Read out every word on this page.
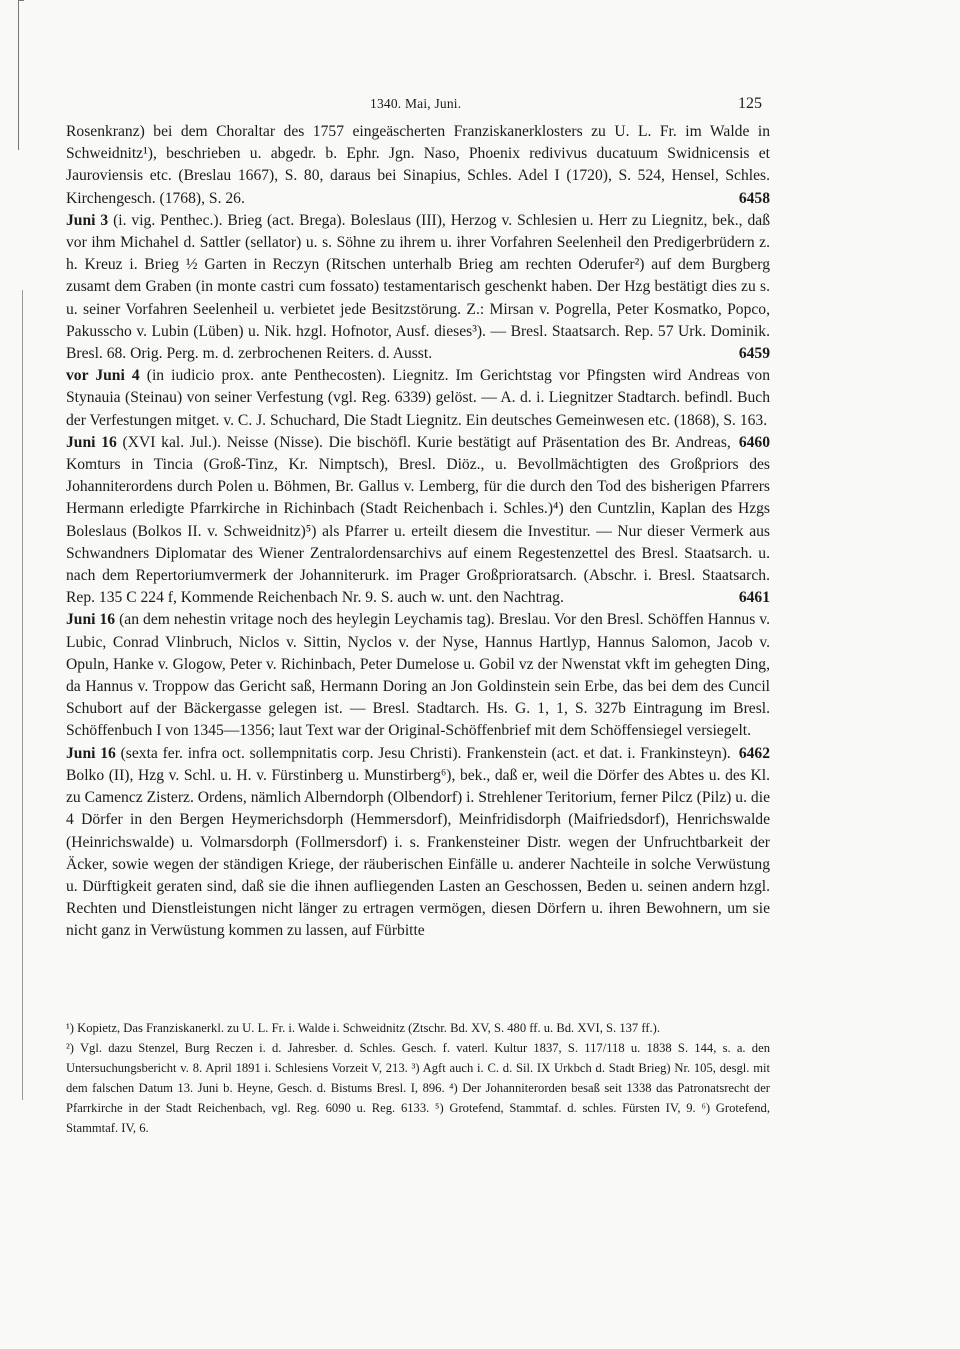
1340. Mai, Juni.	125

Rosenkranz) bei dem Choraltar des 1757 eingeäscherten Franziskanerklosters zu U. L. Fr. im Walde in Schweidnitz¹), beschrieben u. abgedr. b. Ephr. Jgn. Naso, Phoenix redivivus ducatuum Swidnicensis et Jauroviensis etc. (Breslau 1667), S. 80, daraus bei Sinapius, Schles. Adel I (1720), S. 524, Hensel, Schles. Kirchengesch. (1768), S. 26.	6458

Juni 3 (i. vig. Penthec.). Brieg (act. Brega). Boleslaus (III), Herzog v. Schlesien u. Herr zu Liegnitz, bek., daß vor ihm Michahel d. Sattler (sellator) u. s. Söhne zu ihrem u. ihrer Vorfahren Seelenheil den Predigerbrüdern z. h. Kreuz i. Brieg ½ Garten in Reczyn (Ritschen unterhalb Brieg am rechten Oderufer²) auf dem Burgberg zusamt dem Graben (in monte castri cum fossato) testamentarisch geschenkt haben. Der Hzg bestätigt dies zu s. u. seiner Vorfahren Seelenheil u. verbietet jede Besitzstörung. Z.: Mirsan v. Pogrella, Peter Kosmatko, Popco, Pakusscho v. Lubin (Lüben) u. Nik. hzgl. Hofnotor, Ausf. dieses³). — Bresl. Staatsarch. Rep. 57 Urk. Dominik. Bresl. 68. Orig. Perg. m. d. zerbrochenen Reiters. d. Ausst.	6459

vor Juni 4 (in iudicio prox. ante Penthecosten). Liegnitz. Im Gerichtstag vor Pfingsten wird Andreas von Stynauia (Steinau) von seiner Verfestung (vgl. Reg. 6339) gelöst. — A. d. i. Liegnitzer Stadtarch. befindl. Buch der Verfestungen mitget. v. C. J. Schuchard, Die Stadt Liegnitz. Ein deutsches Gemeinwesen etc. (1868), S. 163.
6460

Juni 16 (XVI kal. Jul.). Neisse (Nisse). Die bischöfl. Kurie bestätigt auf Präsentation des Br. Andreas, Komturs in Tincia (Groß-Tinz, Kr. Nimptsch), Bresl. Diöz., u. Bevollmächtigten des Großpriors des Johanniterordens durch Polen u. Böhmen, Br. Gallus v. Lemberg, für die durch den Tod des bisherigen Pfarrers Hermann erledigte Pfarrkirche in Richinbach (Stadt Reichenbach i. Schles.)⁴) den Cuntzlin, Kaplan des Hzgs Boleslaus (Bolkos II. v. Schweidnitz)⁵) als Pfarrer u. erteilt diesem die Investitur. — Nur dieser Vermerk aus Schwandners Diplomatar des Wiener Zentralordensarchivs auf einem Regestenzettel des Bresl. Staatsarch. u. nach dem Repertoriumvermerk der Johanniterurk. im Prager Großprioratsarch. (Abschr. i. Bresl. Staatsarch. Rep. 135 C 224 f, Kommende Reichenbach Nr. 9. S. auch w. unt. den Nachtrag.	6461

Juni 16 (an dem nehestin vritage noch des heylegin Leychamis tag). Breslau. Vor den Bresl. Schöffen Hannus v. Lubic, Conrad Vlinbruch, Niclos v. Sittin, Nyclos v. der Nyse, Hannus Hartlyp, Hannus Salomon, Jacob v. Opuln, Hanke v. Glogow, Peter v. Richinbach, Peter Dumelose u. Gobil vz der Nwenstat vkft im gehegten Ding, da Hannus v. Troppow das Gericht saß, Hermann Doring an Jon Goldinstein sein Erbe, das bei dem des Cuncil Schubort auf der Bäckergasse gelegen ist. — Bresl. Stadtarch. Hs. G. 1, 1, S. 327b Eintragung im Bresl. Schöffenbuch I von 1345—1356; laut Text war der Original-Schöffenbrief mit dem Schöffensiegel versiegelt.
6462

Juni 16 (sexta fer. infra oct. sollempnitatis corp. Jesu Christi). Frankenstein (act. et dat. i. Frankinsteyn). Bolko (II), Hzg v. Schl. u. H. v. Fürstinberg u. Munstirberg⁶), bek., daß er, weil die Dörfer des Abtes u. des Kl. zu Camencz Zisterz. Ordens, nämlich Alberndorph (Olbendorf) i. Strehlener Teritorium, ferner Pilcz (Pilz) u. die 4 Dörfer in den Bergen Heymerichsdorph (Hemmersdorf), Meinfridisdorph (Maifriedsdorf), Henrichswalde (Heinrichswalde) u. Volmarsdorph (Follmersdorf) i. s. Frankensteiner Distr. wegen der Unfruchtbarkeit der Äcker, sowie wegen der ständigen Kriege, der räuberischen Einfälle u. anderer Nachteile in solche Verwüstung u. Dürftigkeit geraten sind, daß sie die ihnen aufliegenden Lasten an Geschossen, Beden u. seinen andern hzgl. Rechten und Dienstleistungen nicht länger zu ertragen vermögen, diesen Dörfern u. ihren Bewohnern, um sie nicht ganz in Verwüstung kommen zu lassen, auf Fürbitte

¹) Kopietz, Das Franziskanerkl. zu U. L. Fr. i. Walde i. Schweidnitz (Ztschr. Bd. XV, S. 480 ff. u. Bd. XVI, S. 137 ff.).

²) Vgl. dazu Stenzel, Burg Reczen i. d. Jahresber. d. Schles. Gesch. f. vaterl. Kultur 1837, S. 117/118 u. 1838 S. 144, s. a. den Untersuchungsbericht v. 8. April 1891 i. Schlesiens Vorzeit V, 213. ³) Agft auch i. C. d. Sil. IX Urkbch d. Stadt Brieg) Nr. 105, desgl. mit dem falschen Datum 13. Juni b. Heyne, Gesch. d. Bistums Bresl. I, 896. ⁴) Der Johanniterorden besaß seit 1338 das Patronatsrecht der Pfarrkirche in der Stadt Reichenbach, vgl. Reg. 6090 u. Reg. 6133. ⁵) Grotefend, Stammtaf. d. schles. Fürsten IV, 9. ⁶) Grotefend, Stammtaf. IV, 6.
